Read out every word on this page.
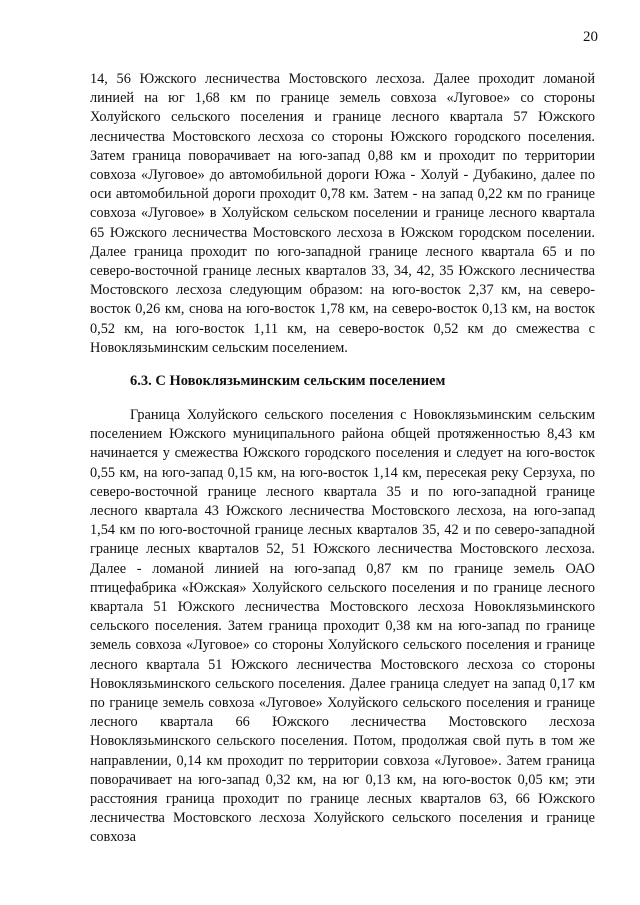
20

14, 56 Южского лесничества Мостовского лесхоза. Далее проходит ломаной линией на юг 1,68 км по границе земель совхоза «Луговое» со стороны Холуйского сельского поселения и границе лесного квартала 57 Южского лесничества Мостовского лесхоза со стороны Южского городского поселения. Затем граница поворачивает на юго-запад 0,88 км и проходит по территории совхоза «Луговое» до автомобильной дороги Южа - Холуй - Дубакино, далее по оси автомобильной дороги проходит 0,78 км. Затем - на запад 0,22 км по границе совхоза «Луговое» в Холуйском сельском поселении и границе лесного квартала 65 Южского лесничества Мостовского лесхоза в Южском городском поселении. Далее граница проходит по юго-западной границе лесного квартала 65 и по северо-восточной границе лесных кварталов 33, 34, 42, 35 Южского лесничества Мостовского лесхоза следующим образом: на юго-восток 2,37 км, на северо-восток 0,26 км, снова на юго-восток 1,78 км, на северо-восток 0,13 км, на восток 0,52 км, на юго-восток 1,11 км, на северо-восток 0,52 км до смежества с Новоклязьминским сельским поселением.

6.3. С Новоклязьминским сельским поселением

Граница Холуйского сельского поселения с Новоклязьминским сельским поселением Южского муниципального района общей протяженностью 8,43 км начинается у смежества Южского городского поселения и следует на юго-восток 0,55 км, на юго-запад 0,15 км, на юго-восток 1,14 км, пересекая реку Серзуха, по северо-восточной границе лесного квартала 35 и по юго-западной границе лесного квартала 43 Южского лесничества Мостовского лесхоза, на юго-запад 1,54 км по юго-восточной границе лесных кварталов 35, 42 и по северо-западной границе лесных кварталов 52, 51 Южского лесничества Мостовского лесхоза. Далее - ломаной линией на юго-запад 0,87 км по границе земель ОАО птицефабрика «Южская» Холуйского сельского поселения и по границе лесного квартала 51 Южского лесничества Мостовского лесхоза Новоклязьминского сельского поселения. Затем граница проходит 0,38 км на юго-запад по границе земель совхоза «Луговое» со стороны Холуйского сельского поселения и границе лесного квартала 51 Южского лесничества Мостовского лесхоза со стороны Новоклязьминского сельского поселения. Далее граница следует на запад 0,17 км по границе земель совхоза «Луговое» Холуйского сельского поселения и границе лесного квартала 66 Южского лесничества Мостовского лесхоза Новоклязьминского сельского поселения. Потом, продолжая свой путь в том же направлении, 0,14 км проходит по территории совхоза «Луговое». Затем граница поворачивает на юго-запад 0,32 км, на юг 0,13 км, на юго-восток 0,05 км; эти расстояния граница проходит по границе лесных кварталов 63, 66 Южского лесничества Мостовского лесхоза Холуйского сельского поселения и границе совхоза
